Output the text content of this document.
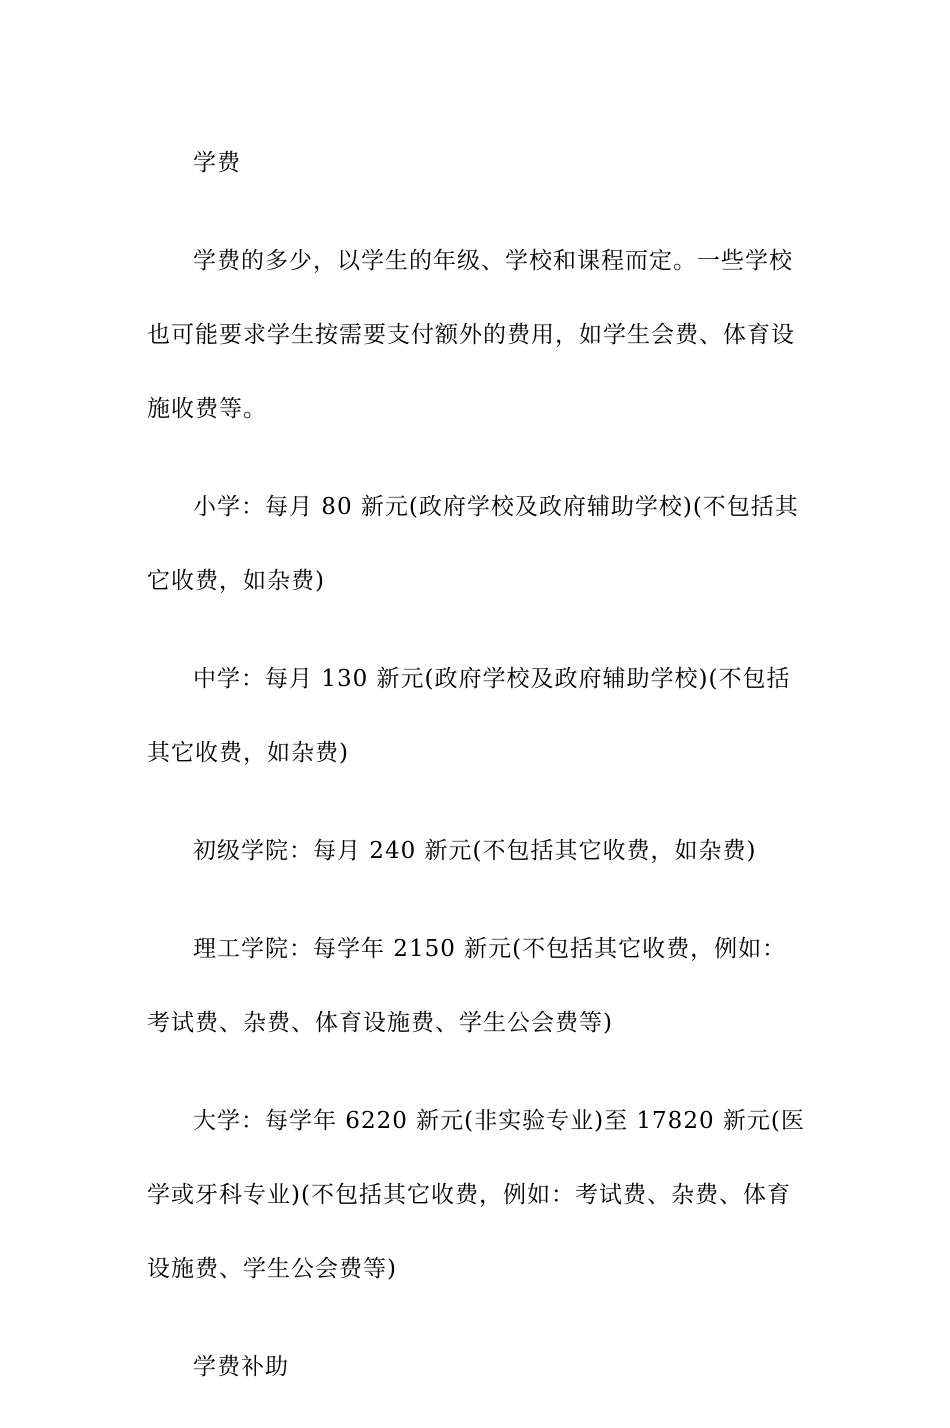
学费

学费的多少，以学生的年级、学校和课程而定。一些学校也可能要求学生按需要支付额外的费用，如学生会费、体育设施收费等。

小学：每月 80 新元(政府学校及政府辅助学校)(不包括其它收费，如杂费)

中学：每月 130 新元(政府学校及政府辅助学校)(不包括其它收费，如杂费)

初级学院：每月 240 新元(不包括其它收费，如杂费)

理工学院：每学年 2150 新元(不包括其它收费，例如：考试费、杂费、体育设施费、学生公会费等)

大学：每学年 6220 新元(非实验专业)至 17820 新元(医学或牙科专业)(不包括其它收费，例如：考试费、杂费、体育设施费、学生公会费等)

学费补助
